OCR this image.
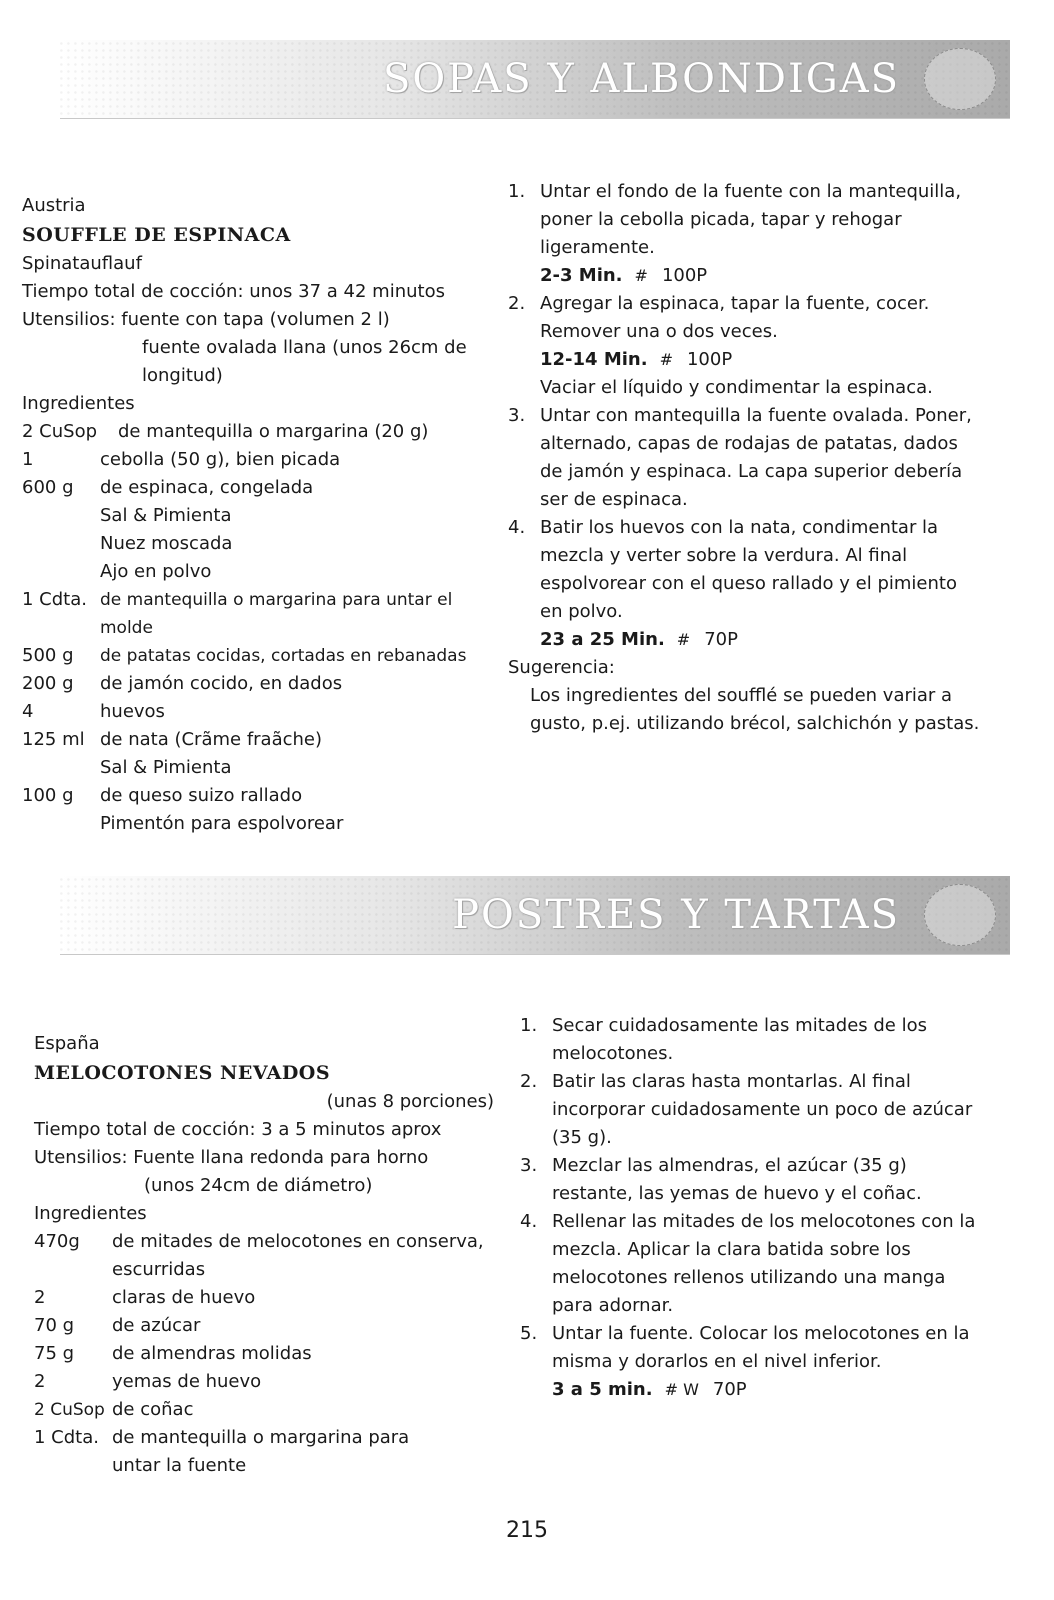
SOPAS Y ALBONDIGAS
Austria
SOUFFLE DE ESPINACA
Spinatauflauf
Tiempo total de cocción: unos 37 a 42 minutos
Utensilios: fuente con tapa (volumen 2 l)
fuente ovalada llana (unos 26cm de
longitud)
Ingredientes
2 CuSop	de mantequilla o margarina (20 g)
1	cebolla (50 g), bien picada
600 g	de espinaca, congelada
Sal & Pimienta
Nuez moscada
Ajo en polvo
1 Cdta. de mantequilla o margarina para untar el molde
500 g	de patatas cocidas, cortadas en rebanadas
200 g	de jamón cocido, en dados
4	huevos
125 ml de nata (Crãme fraãche)
Sal & Pimienta
100 g	de queso suizo rallado
Pimentón para espolvorear
1. Untar el fondo de la fuente con la mantequilla, poner la cebolla picada, tapar y rehogar ligeramente.
2-3 Min. # 100P
2. Agregar la espinaca, tapar la fuente, cocer. Remover una o dos veces.
12-14 Min. # 100P
Vaciar el líquido y condimentar la espinaca.
3. Untar con mantequilla la fuente ovalada. Poner, alternado, capas de rodajas de patatas, dados de jamón y espinaca. La capa superior debería ser de espinaca.
4. Batir los huevos con la nata, condimentar la mezcla y verter sobre la verdura. Al final espolvorear con el queso rallado y el pimiento en polvo.
23 a 25 Min. # 70P
Sugerencia:
Los ingredientes del soufflé se pueden variar a gusto, p.ej. utilizando brécol, salchichón y pastas.
POSTRES Y TARTAS
España
MELOCOTONES NEVADOS
(unas 8 porciones)
Tiempo total de cocción: 3 a 5 minutos aprox
Utensilios: Fuente llana redonda para horno
(unos 24cm de diámetro)
Ingredientes
470g	de mitades de melocotones en conserva, escurridas
2	claras de huevo
70 g	de azúcar
75 g	de almendras molidas
2	yemas de huevo
2 CuSop de coñac
1 Cdta. de mantequilla o margarina para untar la fuente
1. Secar cuidadosamente las mitades de los melocotones.
2. Batir las claras hasta montarlas. Al final incorporar cuidadosamente un poco de azúcar (35 g).
3. Mezclar las almendras, el azúcar (35 g) restante, las yemas de huevo y el coñac.
4. Rellenar las mitades de los melocotones con la mezcla. Aplicar la clara batida sobre los melocotones rellenos utilizando una manga para adornar.
5. Untar la fuente. Colocar los melocotones en la misma y dorarlos en el nivel inferior.
3 a 5 min. # W 70P
215
